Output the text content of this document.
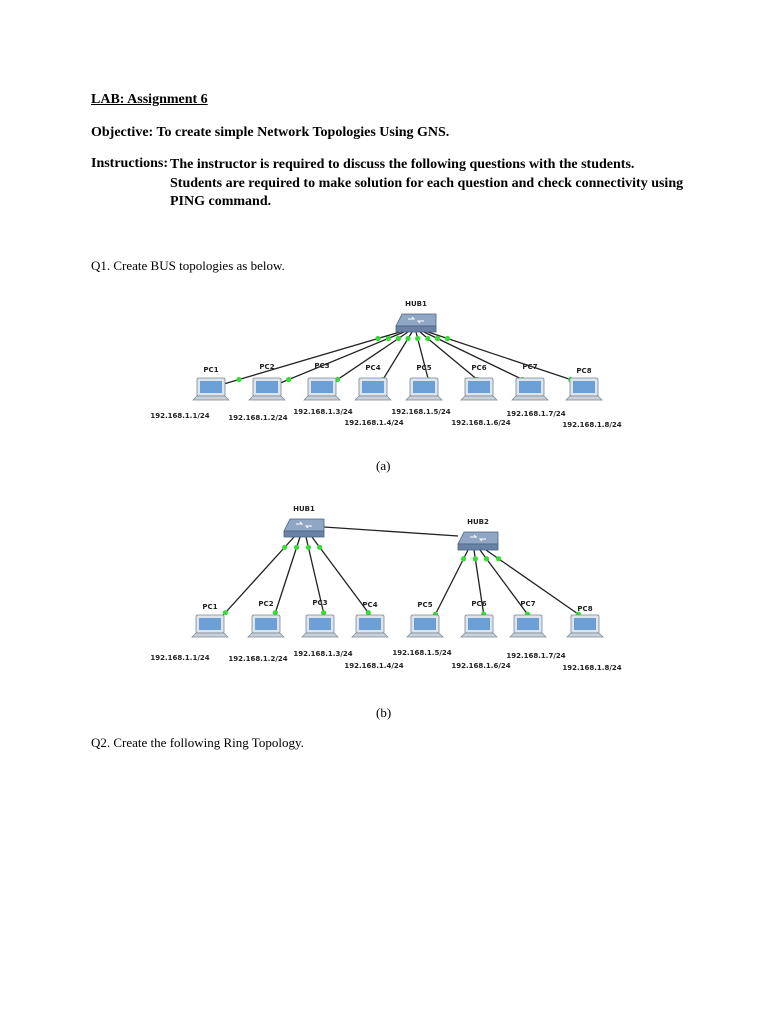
LAB: Assignment 6
Objective: To create simple Network Topologies Using GNS.
Instructions: The instructor is required to discuss the following questions with the students.
Students are required to make solution for each question and check connectivity using PING command.
Q1. Create BUS topologies as below.
HUB1
PC1
192.168.1.1/24
PC2
192.168.1.2/24
PC3
192.168.1.3/24
PC4
192.168.1.4/24
PC5
192.168.1.5/24
PC6
192.168.1.6/24
PC7
192.168.1.7/24
PC8
192.168.1.8/24
(a)
HUB1
HUB2
PC1
192.168.1.1/24
PC2
192.168.1.2/24
PC3
192.168.1.3/24
PC4
192.168.1.4/24
PC5
192.168.1.5/24
PC6
192.168.1.6/24
PC7
192.168.1.7/24
PC8
192.168.1.8/24
(b)
Q2. Create the following Ring Topology.
